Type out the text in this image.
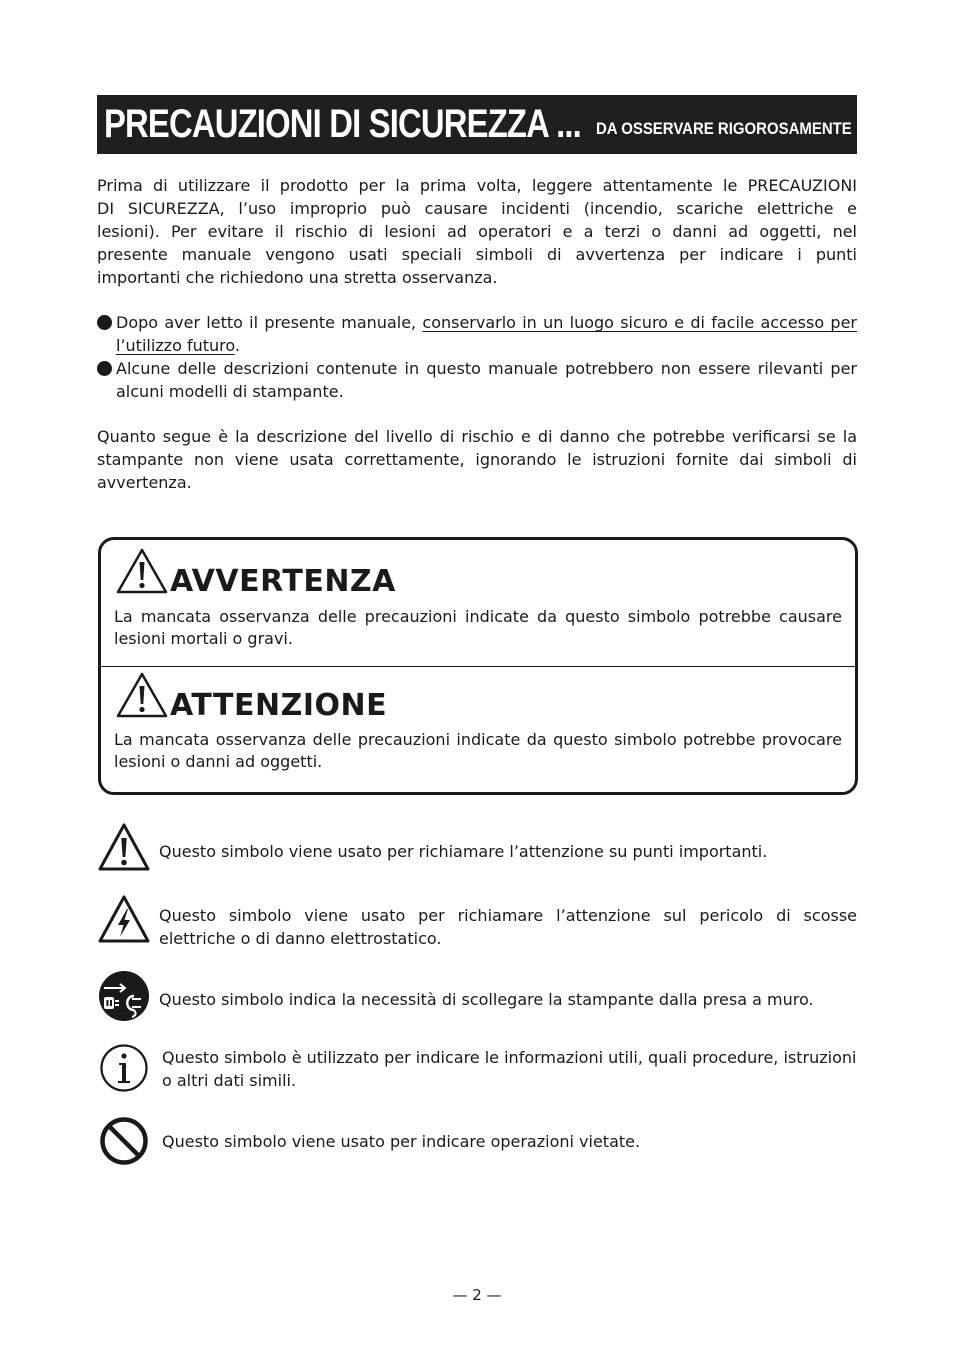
PRECAUZIONI DI SICUREZZA ... DA OSSERVARE RIGOROSAMENTE
Prima di utilizzare il prodotto per la prima volta, leggere attentamente le PRECAUZIONI
DI SICUREZZA, l’uso improprio può causare incidenti (incendio, scariche elettriche e
lesioni). Per evitare il rischio di lesioni ad operatori e a terzi o danni ad oggetti, nel
presente manuale vengono usati speciali simboli di avvertenza per indicare i punti
importanti che richiedono una stretta osservanza.
Dopo aver letto il presente manuale, conservarlo in un luogo sicuro e di facile accesso per l’utilizzo futuro.
Alcune delle descrizioni contenute in questo manuale potrebbero non essere rilevanti per alcuni modelli di stampante.
Quanto segue è la descrizione del livello di rischio e di danno che potrebbe verificarsi se la stampante non viene usata correttamente, ignorando le istruzioni fornite dai simboli di avvertenza.
AVVERTENZA
La mancata osservanza delle precauzioni indicate da questo simbolo potrebbe causare lesioni mortali o gravi.
ATTENZIONE
La mancata osservanza delle precauzioni indicate da questo simbolo potrebbe provocare lesioni o danni ad oggetti.
Questo simbolo viene usato per richiamare l’attenzione su punti importanti.
Questo simbolo viene usato per richiamare l’attenzione sul pericolo di scosse elettriche o di danno elettrostatico.
Questo simbolo indica la necessità di scollegare la stampante dalla presa a muro.
Questo simbolo è utilizzato per indicare le informazioni utili, quali procedure, istruzioni o altri dati simili.
Questo simbolo viene usato per indicare operazioni vietate.
— 2 —
